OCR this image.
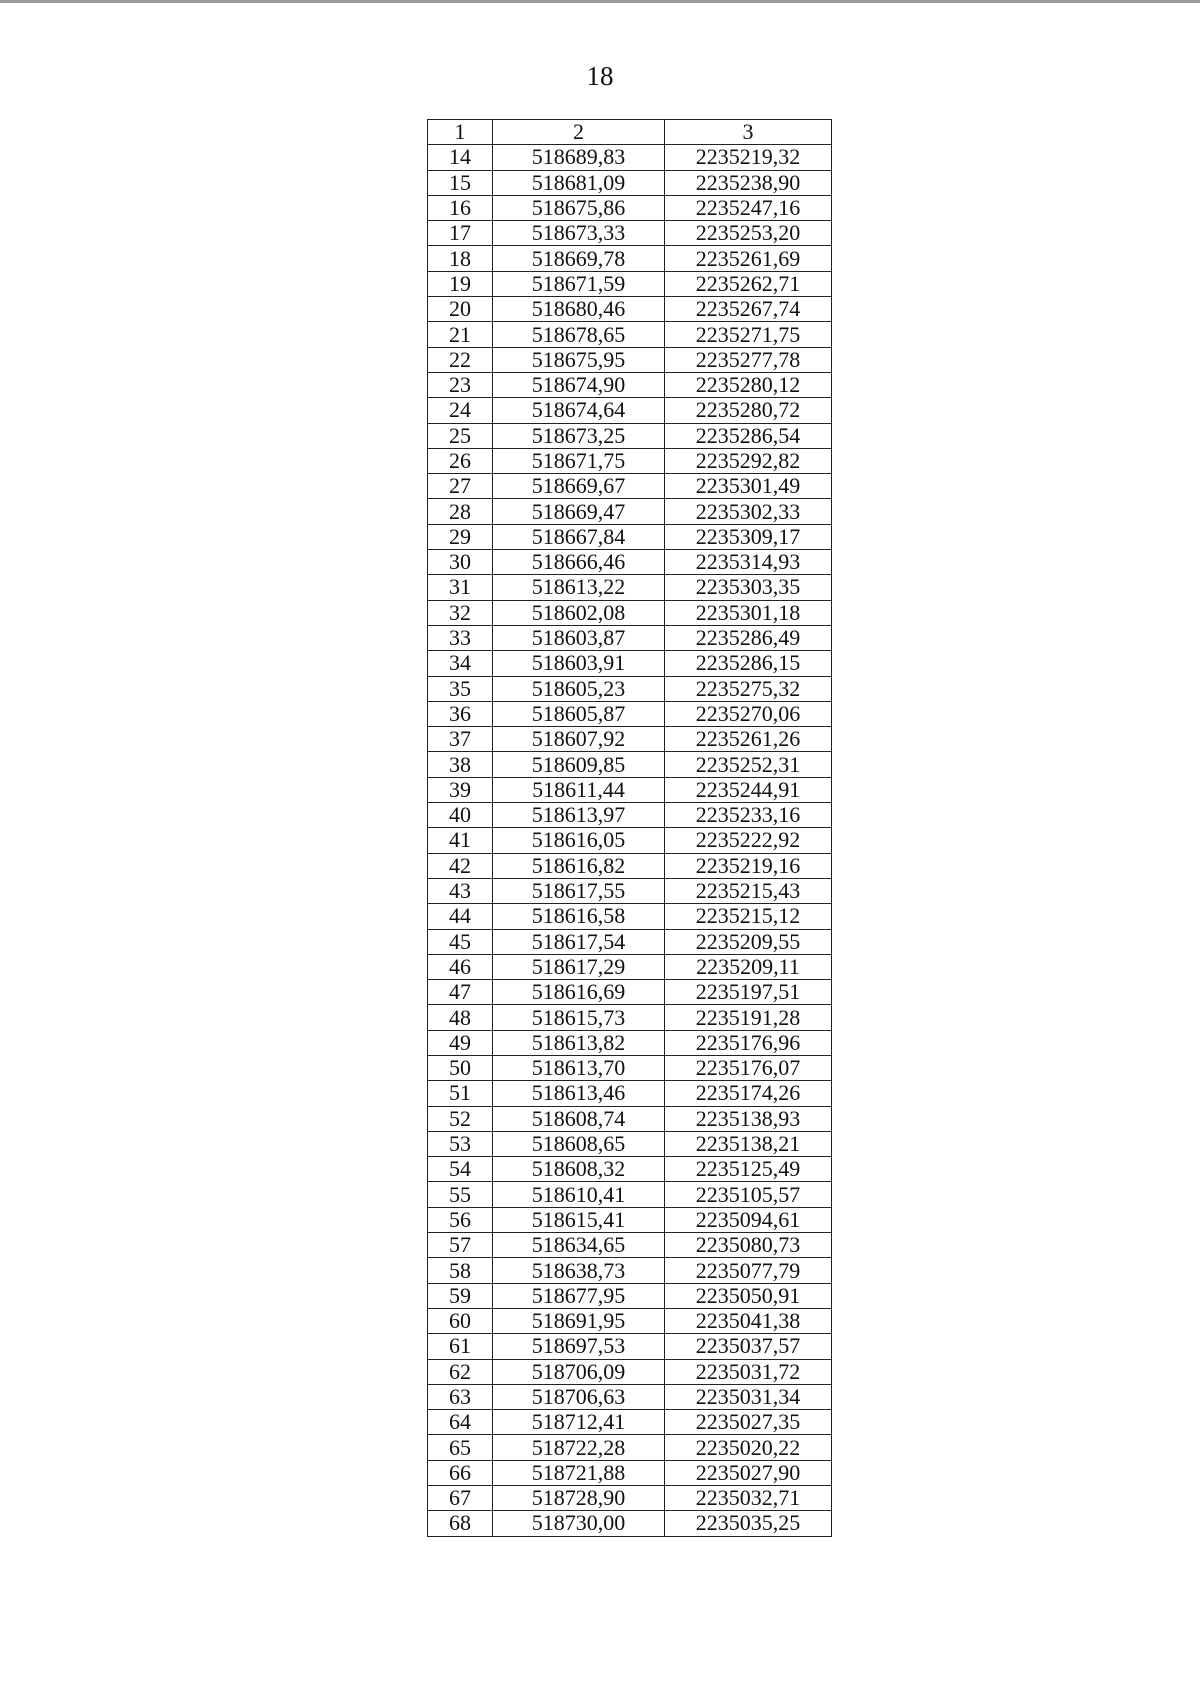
18
1	2	3
14	518689,83	2235219,32
15	518681,09	2235238,90
16	518675,86	2235247,16
17	518673,33	2235253,20
18	518669,78	2235261,69
19	518671,59	2235262,71
20	518680,46	2235267,74
21	518678,65	2235271,75
22	518675,95	2235277,78
23	518674,90	2235280,12
24	518674,64	2235280,72
25	518673,25	2235286,54
26	518671,75	2235292,82
27	518669,67	2235301,49
28	518669,47	2235302,33
29	518667,84	2235309,17
30	518666,46	2235314,93
31	518613,22	2235303,35
32	518602,08	2235301,18
33	518603,87	2235286,49
34	518603,91	2235286,15
35	518605,23	2235275,32
36	518605,87	2235270,06
37	518607,92	2235261,26
38	518609,85	2235252,31
39	518611,44	2235244,91
40	518613,97	2235233,16
41	518616,05	2235222,92
42	518616,82	2235219,16
43	518617,55	2235215,43
44	518616,58	2235215,12
45	518617,54	2235209,55
46	518617,29	2235209,11
47	518616,69	2235197,51
48	518615,73	2235191,28
49	518613,82	2235176,96
50	518613,70	2235176,07
51	518613,46	2235174,26
52	518608,74	2235138,93
53	518608,65	2235138,21
54	518608,32	2235125,49
55	518610,41	2235105,57
56	518615,41	2235094,61
57	518634,65	2235080,73
58	518638,73	2235077,79
59	518677,95	2235050,91
60	518691,95	2235041,38
61	518697,53	2235037,57
62	518706,09	2235031,72
63	518706,63	2235031,34
64	518712,41	2235027,35
65	518722,28	2235020,22
66	518721,88	2235027,90
67	518728,90	2235032,71
68	518730,00	2235035,25
